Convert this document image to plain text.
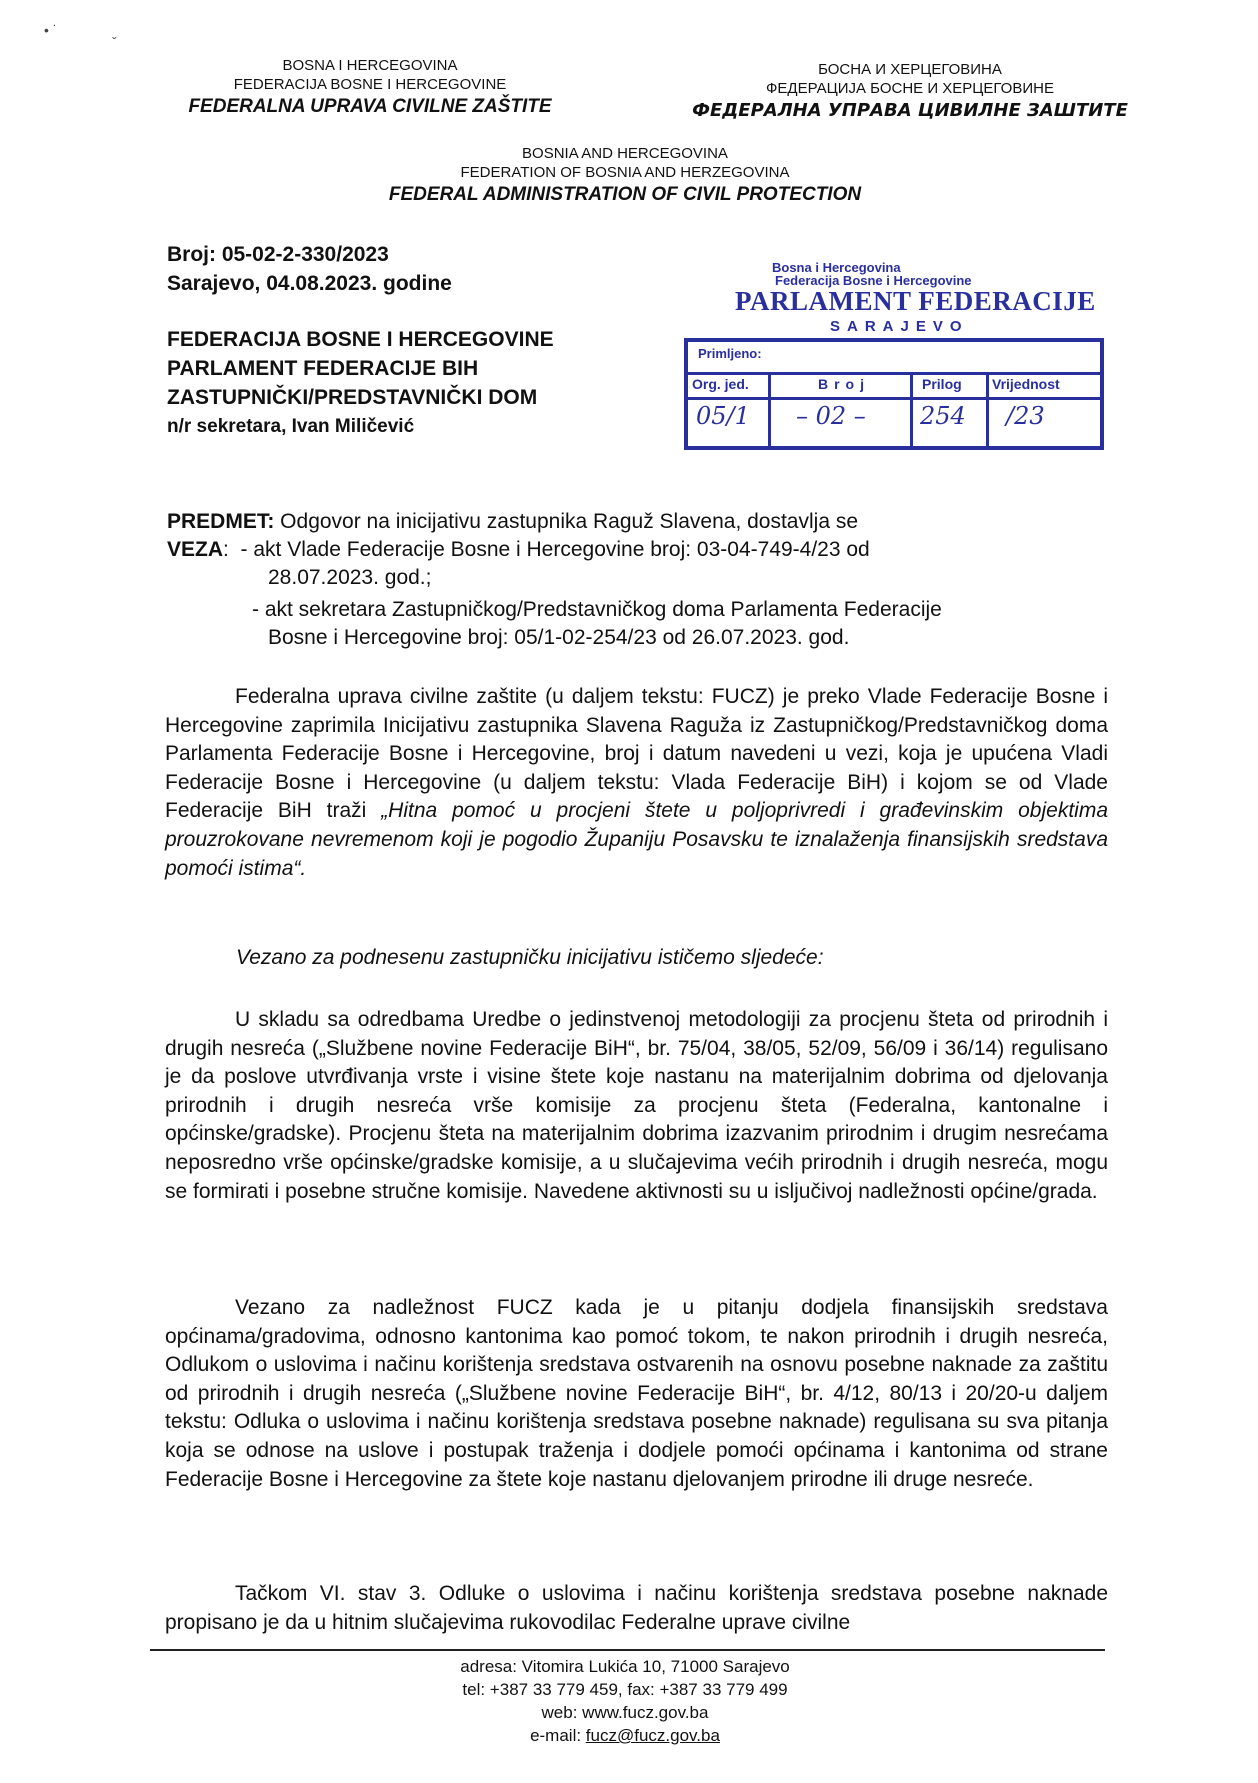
• ˙
ˇ
BOSNA I HERCEGOVINA
FEDERACIJA BOSNE I HERCEGOVINE
FEDERALNA UPRAVA CIVILNE ZAŠTITE
БОСНА И ХЕРЦЕГОВИНА
ФЕДЕРАЦИЈА БОСНЕ И ХЕРЦЕГОВИНЕ
ФЕДЕРАЛНА УПРАВА ЦИВИЛНЕ ЗАШТИТЕ
BOSNIA AND HERCEGOVINA
FEDERATION OF BOSNIA AND HERZEGOVINA
FEDERAL ADMINISTRATION OF CIVIL PROTECTION
Broj: 05-02-2-330/2023
Sarajevo, 04.08.2023. godine
FEDERACIJA BOSNE I HERCEGOVINE
PARLAMENT FEDERACIJE BIH
ZASTUPNIČKI/PREDSTAVNIČKI DOM
n/r sekretara, Ivan Miličević
Bosna i Hercegovina
Federacija Bosne i Hercegovine
PARLAMENT FEDERACIJE
SARAJEVO
Primljeno:
Org. jed.	Broj	Prilog Vrijednost
05/1 – 02 – 254 /23
PREDMET: Odgovor na inicijativu zastupnika Raguž Slavena, dostavlja se
VEZA:  - akt Vlade Federacije Bosne i Hercegovine broj: 03-04-749-4/23 od
28.07.2023. god.;
- akt sekretara Zastupničkog/Predstavničkog doma Parlamenta Federacije
Bosne i Hercegovine broj: 05/1-02-254/23 od 26.07.2023. god.
Federalna uprava civilne zaštite (u daljem tekstu: FUCZ) je preko Vlade Federacije Bosne i Hercegovine zaprimila Inicijativu zastupnika Slavena Raguža iz Zastupničkog/Predstavničkog doma Parlamenta Federacije Bosne i Hercegovine, broj i datum navedeni u vezi, koja je upućena Vladi Federacije Bosne i Hercegovine (u daljem tekstu: Vlada Federacije BiH) i kojom se od Vlade Federacije BiH traži „Hitna pomoć u procjeni štete u poljoprivredi i građevinskim objektima prouzrokovane nevremenom koji je pogodio Županiju Posavsku te iznalaženja finansijskih sredstava pomoći istima“.
Vezano za podnesenu zastupničku inicijativu ističemo sljedeće:
U skladu sa odredbama Uredbe o jedinstvenoj metodologiji za procjenu šteta od prirodnih i drugih nesreća („Službene novine Federacije BiH“, br. 75/04, 38/05, 52/09, 56/09 i 36/14) regulisano je da poslove utvrđivanja vrste i visine štete koje nastanu na materijalnim dobrima od djelovanja prirodnih i drugih nesreća vrše komisije za procjenu šteta (Federalna, kantonalne i općinske/gradske). Procjenu šteta na materijalnim dobrima izazvanim prirodnim i drugim nesrećama neposredno vrše općinske/gradske komisije, a u slučajevima većih prirodnih i drugih nesreća, mogu se formirati i posebne stručne komisije. Navedene aktivnosti su u isljučivoj nadležnosti općine/grada.
Vezano za nadležnost FUCZ kada je u pitanju dodjela finansijskih sredstava općinama/gradovima, odnosno kantonima kao pomoć tokom, te nakon prirodnih i drugih nesreća, Odlukom o uslovima i načinu korištenja sredstava ostvarenih na osnovu posebne naknade za zaštitu od prirodnih i drugih nesreća („Službene novine Federacije BiH“, br. 4/12, 80/13 i 20/20-u daljem tekstu: Odluka o uslovima i načinu korištenja sredstava posebne naknade) regulisana su sva pitanja koja se odnose na uslove i postupak traženja i dodjele pomoći općinama i kantonima od strane Federacije Bosne i Hercegovine za štete koje nastanu djelovanjem prirodne ili druge nesreće.
Tačkom VI. stav 3. Odluke o uslovima i načinu korištenja sredstava posebne naknade propisano je da u hitnim slučajevima rukovodilac Federalne uprave civilne
adresa: Vitomira Lukića 10, 71000 Sarajevo
tel: +387 33 779 459, fax: +387 33 779 499
web: www.fucz.gov.ba
e-mail: fucz@fucz.gov.ba
